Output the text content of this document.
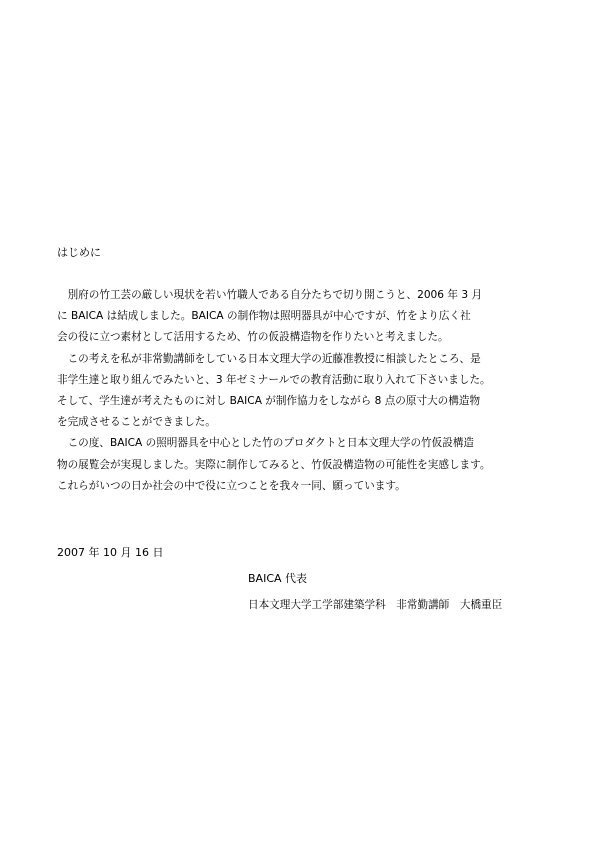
はじめに
　別府の竹工芸の厳しい現状を若い竹職人である自分たちで切り開こうと、2006 年 3 月
に BAICA は結成しました。BAICA の制作物は照明器具が中心ですが、竹をより広く社
会の役に立つ素材として活用するため、竹の仮設構造物を作りたいと考えました。
　この考えを私が非常勤講師をしている日本文理大学の近藤准教授に相談したところ、是
非学生達と取り組んでみたいと、3 年ゼミナールでの教育活動に取り入れて下さいました。
そして、学生達が考えたものに対し BAICA が制作協力をしながら 8 点の原寸大の構造物
を完成させることができました。
　この度、BAICA の照明器具を中心とした竹のプロダクトと日本文理大学の竹仮設構造
物の展覧会が実現しました。実際に制作してみると、竹仮設構造物の可能性を実感します。
これらがいつの日か社会の中で役に立つことを我々一同、願っています。
2007 年 10 月 16 日
BAICA 代表
日本文理大学工学部建築学科　非常勤講師　大橋重臣
